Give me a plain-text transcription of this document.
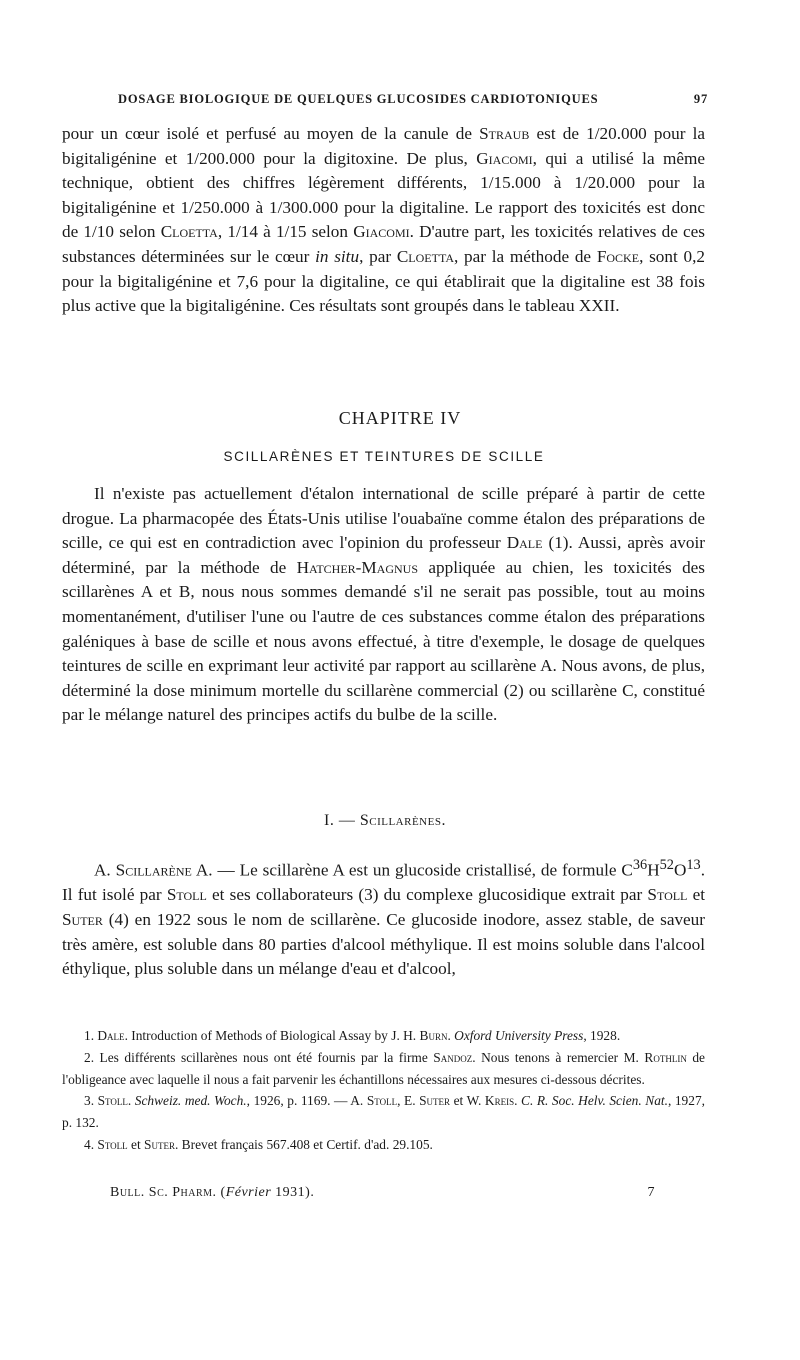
DOSAGE BIOLOGIQUE DE QUELQUES GLUCOSIDES CARDIOTONIQUES	97

pour un cœur isolé et perfusé au moyen de la canule de Straub est de 1/20.000 pour la bigitaligénine et 1/200.000 pour la digitoxine. De plus, Giacomi, qui a utilisé la même technique, obtient des chiffres légèrement différents, 1/15.000 à 1/20.000 pour la bigitaligénine et 1/250.000 à 1/300.000 pour la digitaline. Le rapport des toxicités est donc de 1/10 selon Cloetta, 1/14 à 1/15 selon Giacomi. D'autre part, les toxicités relatives de ces substances déterminées sur le cœur in situ, par Cloetta, par la méthode de Focke, sont 0,2 pour la bigitaligénine et 7,6 pour la digitaline, ce qui établirait que la digitaline est 38 fois plus active que la bigitaligénine. Ces résultats sont groupés dans le tableau XXII.

CHAPITRE IV
SCILLARÈNES ET TEINTURES DE SCILLE

Il n'existe pas actuellement d'étalon international de scille préparé à partir de cette drogue. La pharmacopée des États-Unis utilise l'ouabaïne comme étalon des préparations de scille, ce qui est en contradiction avec l'opinion du professeur Dale (1). Aussi, après avoir déterminé, par la méthode de Hatcher-Magnus appliquée au chien, les toxicités des scillarènes A et B, nous nous sommes demandé s'il ne serait pas possible, tout au moins momentanément, d'utiliser l'une ou l'autre de ces substances comme étalon des préparations galéniques à base de scille et nous avons effectué, à titre d'exemple, le dosage de quelques teintures de scille en exprimant leur activité par rapport au scillarène A. Nous avons, de plus, déterminé la dose minimum mortelle du scillarène commercial (2) ou scillarène C, constitué par le mélange naturel des principes actifs du bulbe de la scille.

I. — Scillarènes.

A. Scillarène A. — Le scillarène A est un glucoside cristallisé, de formule $C^{36}H^{52}O^{13}$. Il fut isolé par Stoll et ses collaborateurs (3) du complexe glucosidique extrait par Stoll et Suter (4) en 1922 sous le nom de scillarène. Ce glucoside inodore, assez stable, de saveur très amère, est soluble dans 80 parties d'alcool méthylique. Il est moins soluble dans l'alcool éthylique, plus soluble dans un mélange d'eau et d'alcool,

1. Dale. Introduction of Methods of Biological Assay by J. H. Burn. Oxford University Press, 1928.

2. Les différents scillarènes nous ont été fournis par la firme Sandoz. Nous tenons à remercier M. Rothlin de l'obligeance avec laquelle il nous a fait parvenir les échantillons nécessaires aux mesures ci-dessous décrites.

3. Stoll. Schweiz. med. Woch., 1926, p. 1169. — A. Stoll, E. Suter et W. Kreis. C. R. Soc. Helv. Scien. Nat., 1927, p. 132.

4. Stoll et Suter. Brevet français 567.408 et Certif. d'ad. 29.105.

Bull. Sc. Pharm. (Février 1931).	7
